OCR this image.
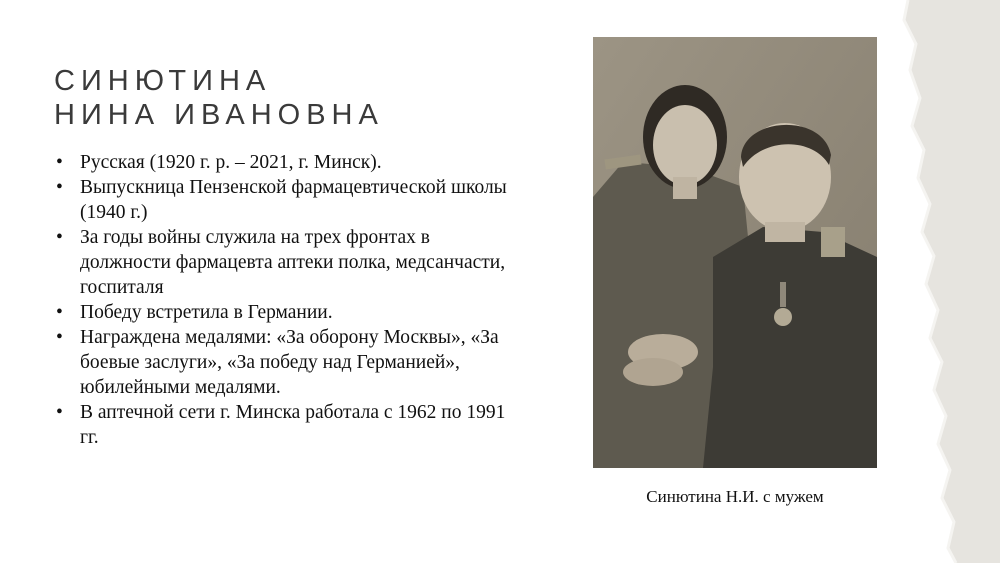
СИНЮТИНА
НИНА ИВАНОВНА
• Русская (1920 г. р. – 2021, г. Минск).
• Выпускница Пензенской фармацевтической школы (1940 г.)
• За годы войны служила на трех фронтах в должности фармацевта аптеки полка, медсанчасти, госпиталя
• Победу встретила в Германии.
• Награждена медалями: «За оборону Москвы», «За боевые заслуги», «За победу над Германией», юбилейными медалями.
• В аптечной сети г. Минска работала с 1962 по 1991 гг.
Синютина Н.И. с мужем
